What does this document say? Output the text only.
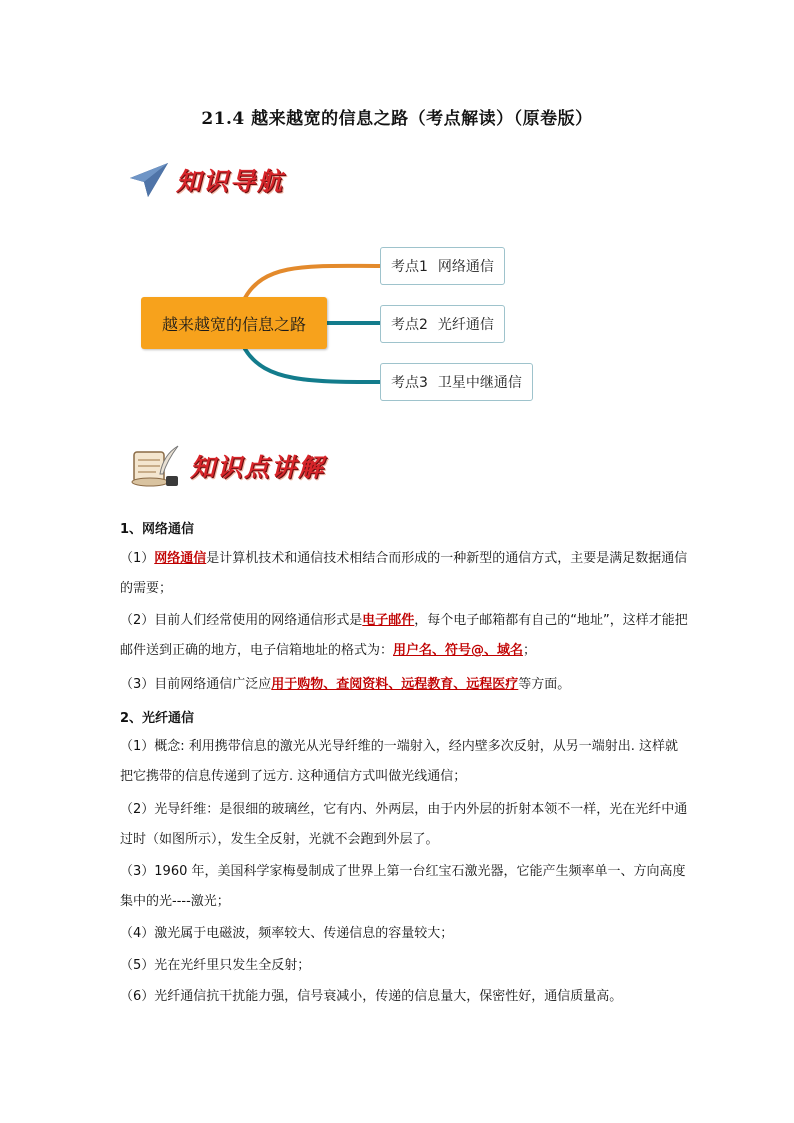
21.4 越来越宽的信息之路（考点解读）（原卷版）
知识导航
越来越宽的信息之路
考点1 网络通信
考点2 光纤通信
考点3 卫星中继通信
知识点讲解
1、网络通信
（1）网络通信是计算机技术和通信技术相结合而形成的一种新型的通信方式，主要是满足数据通信的需要；
（2）目前人们经常使用的网络通信形式是电子邮件，每个电子邮箱都有自己的“地址”，这样才能把邮件送到正确的地方，电子信箱地址的格式为：用户名、符号@、域名；
（3）目前网络通信广泛应用于购物、查阅资料、远程教育、远程医疗等方面。
2、光纤通信
（1）概念: 利用携带信息的激光从光导纤维的一端射入，经内壁多次反射，从另一端射出. 这样就把它携带的信息传递到了远方. 这种通信方式叫做光线通信；
（2）光导纤维：是很细的玻璃丝，它有内、外两层，由于内外层的折射本领不一样，光在光纤中通过时（如图所示），发生全反射，光就不会跑到外层了。
（3）1960 年，美国科学家梅曼制成了世界上第一台红宝石激光器，它能产生频率单一、方向高度集中的光----激光；
（4）激光属于电磁波，频率较大、传递信息的容量较大；
（5）光在光纤里只发生全反射；
（6）光纤通信抗干扰能力强，信号衰减小，传递的信息量大，保密性好，通信质量高。
